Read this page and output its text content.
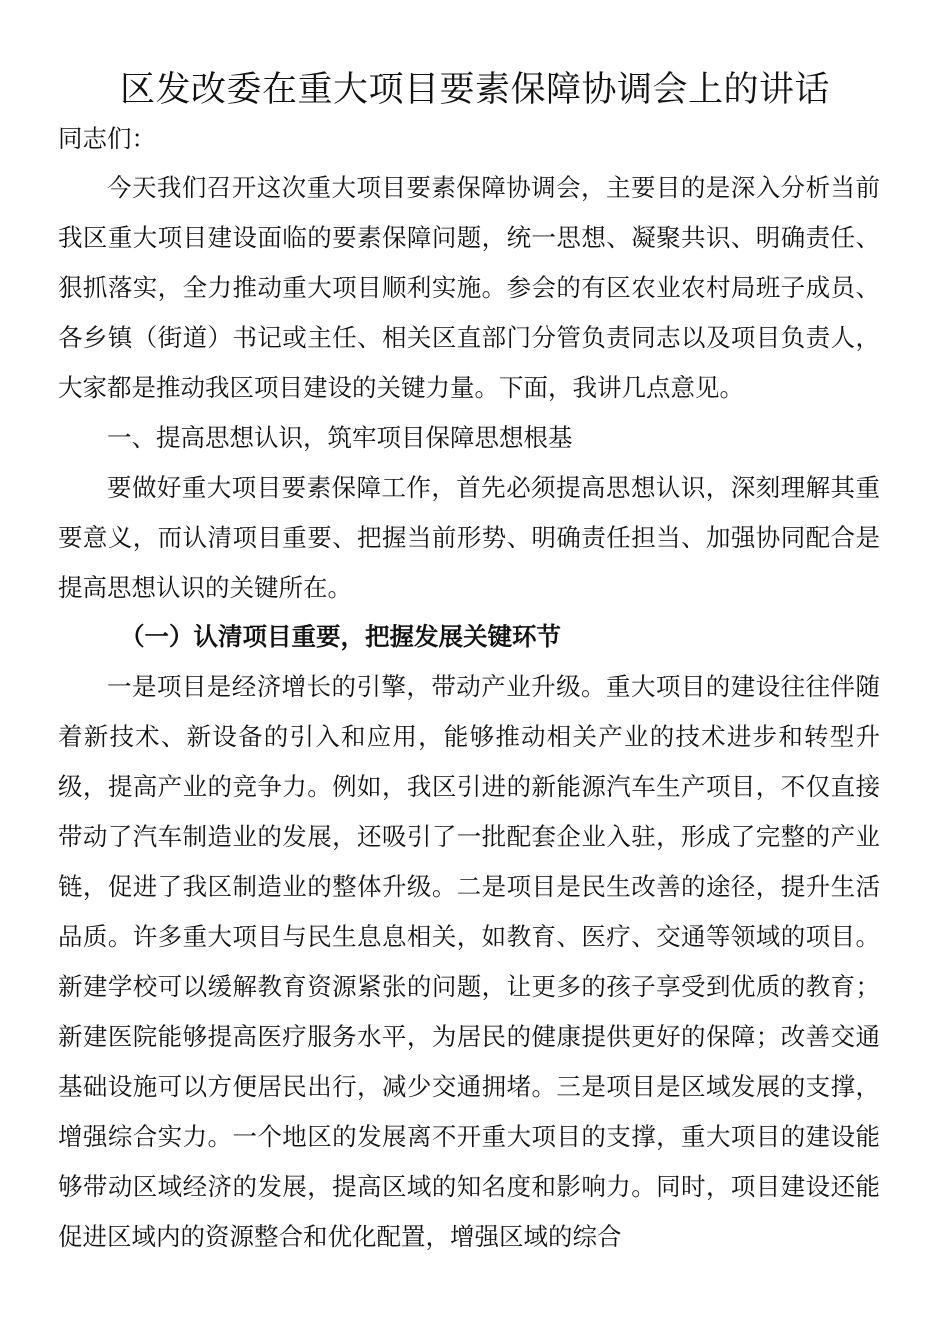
区发改委在重大项目要素保障协调会上的讲话

同志们：

今天我们召开这次重大项目要素保障协调会，主要目的是深入分析当前我区重大项目建设面临的要素保障问题，统一思想、凝聚共识、明确责任、狠抓落实，全力推动重大项目顺利实施。参会的有区农业农村局班子成员、各乡镇（街道）书记或主任、相关区直部门分管负责同志以及项目负责人，大家都是推动我区项目建设的关键力量。下面，我讲几点意见。

一、提高思想认识，筑牢项目保障思想根基

要做好重大项目要素保障工作，首先必须提高思想认识，深刻理解其重要意义，而认清项目重要、把握当前形势、明确责任担当、加强协同配合是提高思想认识的关键所在。

（一）认清项目重要，把握发展关键环节

一是项目是经济增长的引擎，带动产业升级。重大项目的建设往往伴随着新技术、新设备的引入和应用，能够推动相关产业的技术进步和转型升级，提高产业的竞争力。例如，我区引进的新能源汽车生产项目，不仅直接带动了汽车制造业的发展，还吸引了一批配套企业入驻，形成了完整的产业链，促进了我区制造业的整体升级。二是项目是民生改善的途径，提升生活品质。许多重大项目与民生息息相关，如教育、医疗、交通等领域的项目。新建学校可以缓解教育资源紧张的问题，让更多的孩子享受到优质的教育；新建医院能够提高医疗服务水平，为居民的健康提供更好的保障；改善交通基础设施可以方便居民出行，减少交通拥堵。三是项目是区域发展的支撑，增强综合实力。一个地区的发展离不开重大项目的支撑，重大项目的建设能够带动区域经济的发展，提高区域的知名度和影响力。同时，项目建设还能促进区域内的资源整合和优化配置，增强区域的综合
